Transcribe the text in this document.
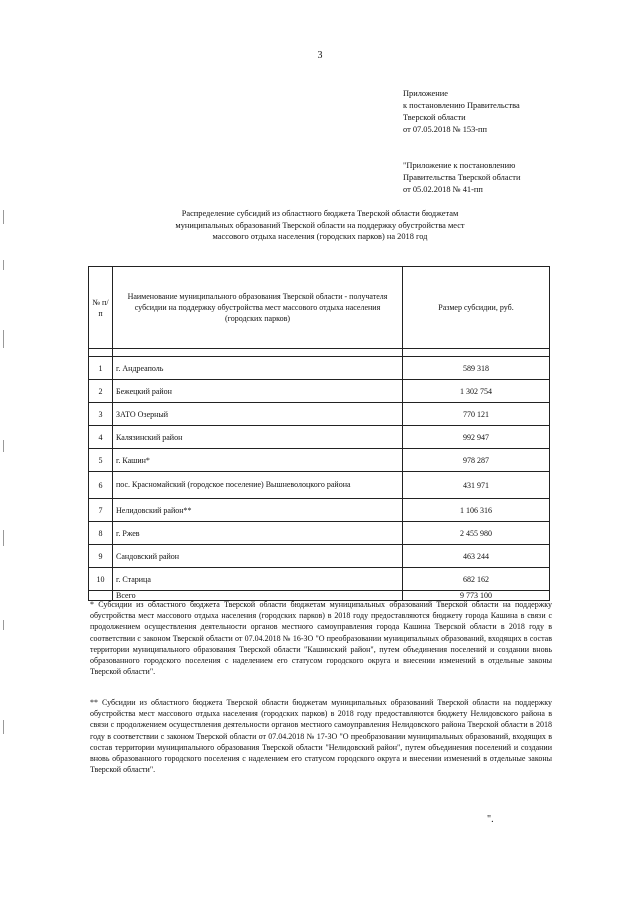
3
Приложение
к постановлению Правительства
Тверской области
от 07.05.2018 № 153-пп
"Приложение к постановлению
Правительства Тверской области
от 05.02.2018 № 41-пп
Распределение субсидий из областного бюджета Тверской области бюджетам
муниципальных образований Тверской области на поддержку обустройства мест
массового отдыха населения (городских парков) на 2018 год
№ п/п	Наименование муниципального образования Тверской области - получателя субсидии на поддержку обустройства мест массового отдыха населения (городских парков)	Размер субсидии, руб.

1	г. Андреаполь	589 318
2	Бежецкий район	1 302 754
3	ЗАТО Озерный	770 121
4	Калязинский район	992 947
5	г. Кашин*	978 287
6	пос. Красномайский (городское поселение) Вышневолоцкого района	431 971
7	Нелидовский район**	1 106 316
8	г. Ржев	2 455 980
9	Сандовский район	463 244
10	г. Старица	682 162
	Всего	9 773 100
* Субсидии из областного бюджета Тверской области бюджетам муниципальных образований Тверской области на поддержку обустройства мест массового отдыха населения (городских парков) в 2018 году предоставляются бюджету города Кашина в связи с продолжением осуществления деятельности органов местного самоуправления города Кашина Тверской области в 2018 году в соответствии с законом Тверской области от 07.04.2018 № 16-ЗО "О преобразовании муниципальных образований, входящих в состав территории муниципального образования Тверской области "Кашинский район", путем объединения поселений и создании вновь образованного городского поселения с наделением его статусом городского округа и внесении изменений в отдельные законы Тверской области".
** Субсидии из областного бюджета Тверской области бюджетам муниципальных образований Тверской области на поддержку обустройства мест массового отдыха населения (городских парков) в 2018 году предоставляются бюджету Нелидовского района в связи с продолжением осуществления деятельности органов местного самоуправления Нелидовского района Тверской области в 2018 году в соответствии с законом Тверской области от 07.04.2018 № 17-ЗО "О преобразовании муниципальных образований, входящих в состав территории муниципального образования Тверской области "Нелидовский район", путем объединения поселений и создании вновь образованного городского поселения с наделением его статусом городского округа и внесении изменений в отдельные законы Тверской области".
".
